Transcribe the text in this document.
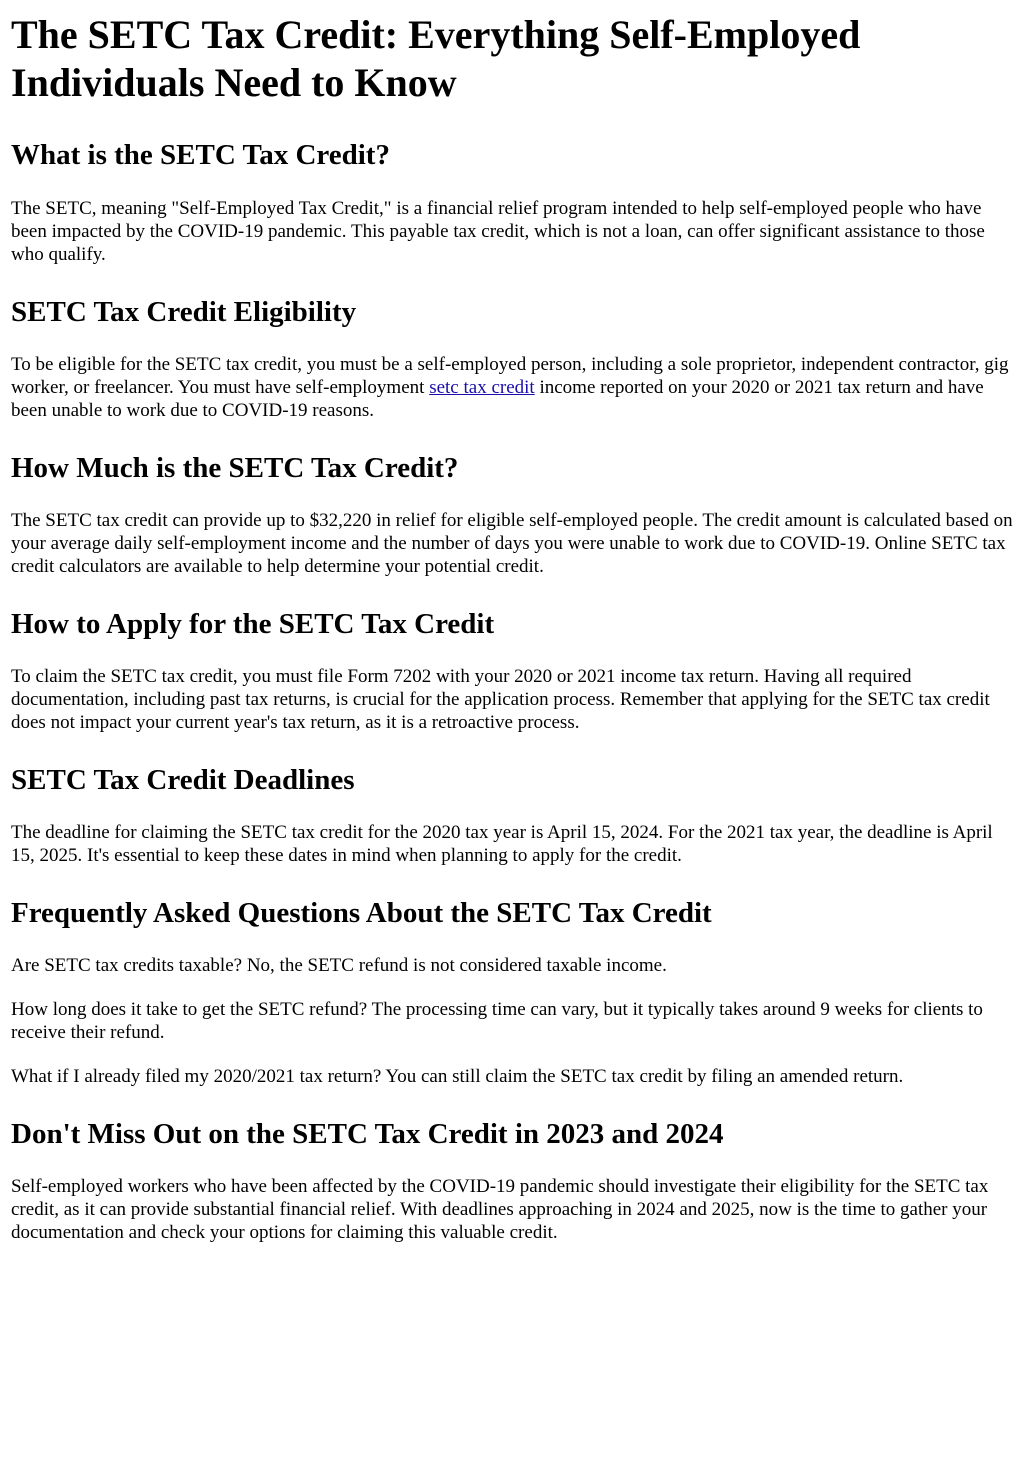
The SETC Tax Credit: Everything Self-Employed Individuals Need to Know
What is the SETC Tax Credit?

The SETC, meaning "Self-Employed Tax Credit," is a financial relief program intended to help self-employed people who have been impacted by the COVID-19 pandemic. This payable tax credit, which is not a loan, can offer significant assistance to those who qualify.

SETC Tax Credit Eligibility

To be eligible for the SETC tax credit, you must be a self-employed person, including a sole proprietor, independent contractor, gig worker, or freelancer. You must have self-employment setc tax credit income reported on your 2020 or 2021 tax return and have been unable to work due to COVID-19 reasons.

How Much is the SETC Tax Credit?

The SETC tax credit can provide up to $32,220 in relief for eligible self-employed people. The credit amount is calculated based on your average daily self-employment income and the number of days you were unable to work due to COVID-19. Online SETC tax credit calculators are available to help determine your potential credit.

How to Apply for the SETC Tax Credit

To claim the SETC tax credit, you must file Form 7202 with your 2020 or 2021 income tax return. Having all required documentation, including past tax returns, is crucial for the application process. Remember that applying for the SETC tax credit does not impact your current year's tax return, as it is a retroactive process.

SETC Tax Credit Deadlines

The deadline for claiming the SETC tax credit for the 2020 tax year is April 15, 2024. For the 2021 tax year, the deadline is April 15, 2025. It's essential to keep these dates in mind when planning to apply for the credit.

Frequently Asked Questions About the SETC Tax Credit

Are SETC tax credits taxable? No, the SETC refund is not considered taxable income.

How long does it take to get the SETC refund? The processing time can vary, but it typically takes around 9 weeks for clients to receive their refund.

What if I already filed my 2020/2021 tax return? You can still claim the SETC tax credit by filing an amended return.

Don't Miss Out on the SETC Tax Credit in 2023 and 2024

Self-employed workers who have been affected by the COVID-19 pandemic should investigate their eligibility for the SETC tax credit, as it can provide substantial financial relief. With deadlines approaching in 2024 and 2025, now is the time to gather your documentation and check your options for claiming this valuable credit.
